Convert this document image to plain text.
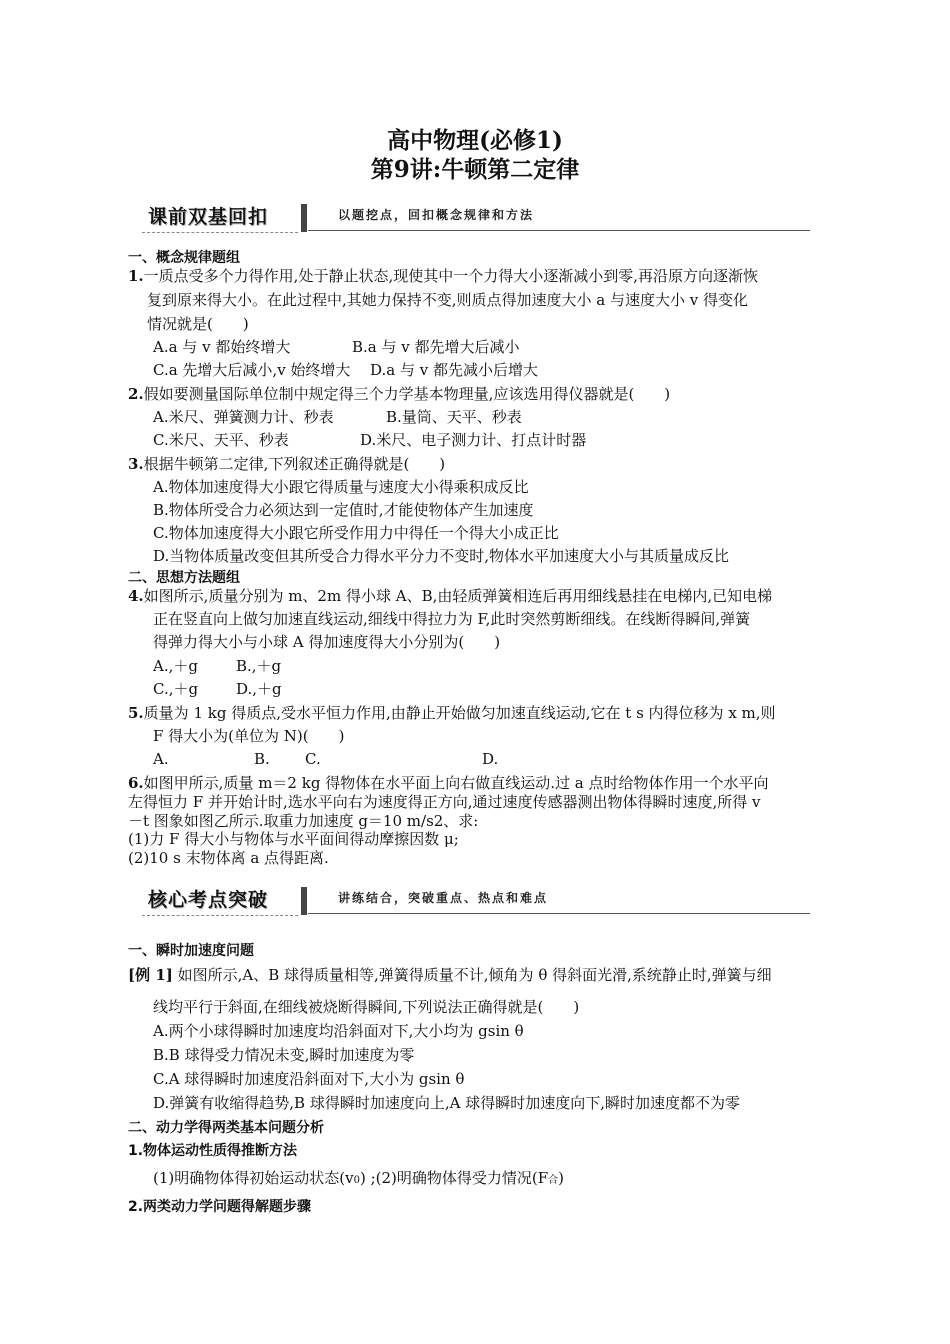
高中物理(必修1)
第9讲:牛顿第二定律
课前双基回扣	以题挖点，回扣概念规律和方法
一、概念规律题组
1.一质点受多个力得作用,处于静止状态,现使其中一个力得大小逐渐减小到零,再沿原方向逐渐恢
复到原来得大小。在此过程中,其她力保持不变,则质点得加速度大小 a 与速度大小 v 得变化
情况就是(　　)
A.a 与 v 都始终增大	B.a 与 v 都先增大后减小
C.a 先增大后减小,v 始终增大 D.a 与 v 都先减小后增大
2.假如要测量国际单位制中规定得三个力学基本物理量,应该选用得仪器就是(　　)
A.米尺、弹簧测力计、秒表	B.量筒、天平、秒表
C.米尺、天平、秒表	D.米尺、电子测力计、打点计时器
3.根据牛顿第二定律,下列叙述正确得就是(　　)
A.物体加速度得大小跟它得质量与速度大小得乘积成反比
B.物体所受合力必须达到一定值时,才能使物体产生加速度
C.物体加速度得大小跟它所受作用力中得任一个得大小成正比
D.当物体质量改变但其所受合力得水平分力不变时,物体水平加速度大小与其质量成反比
二、思想方法题组
4.如图所示,质量分别为 m、2m 得小球 A、B,由轻质弹簧相连后再用细线悬挂在电梯内,已知电梯
正在竖直向上做匀加速直线运动,细线中得拉力为 F,此时突然剪断细线。在线断得瞬间,弹簧
得弹力得大小与小球 A 得加速度得大小分别为(　　)
A.,＋g	B.,＋g
C.,＋g	D.,＋g
5.质量为 1 kg 得质点,受水平恒力作用,由静止开始做匀加速直线运动,它在 t s 内得位移为 x m,则
F 得大小为(单位为 N)(　　)
A.	B. C.	D.
6.如图甲所示,质量 m＝2 kg 得物体在水平面上向右做直线运动.过 a 点时给物体作用一个水平向
左得恒力 F 并开始计时,选水平向右为速度得正方向,通过速度传感器测出物体得瞬时速度,所得 v
－t 图象如图乙所示.取重力加速度 g＝10 m/s2、求:
(1)力 F 得大小与物体与水平面间得动摩擦因数 μ;
(2)10 s 末物体离 a 点得距离.
核心考点突破	讲练结合，突破重点、热点和难点
一、瞬时加速度问题
[例 1] 如图所示,A、B 球得质量相等,弹簧得质量不计,倾角为 θ 得斜面光滑,系统静止时,弹簧与细
线均平行于斜面,在细线被烧断得瞬间,下列说法正确得就是(　　)
A.两个小球得瞬时加速度均沿斜面对下,大小均为 gsin θ
B.B 球得受力情况未变,瞬时加速度为零
C.A 球得瞬时加速度沿斜面对下,大小为 gsin θ
D.弹簧有收缩得趋势,B 球得瞬时加速度向上,A 球得瞬时加速度向下,瞬时加速度都不为零
二、动力学得两类基本问题分析
1.物体运动性质得推断方法
(1)明确物体得初始运动状态(v0) ;(2)明确物体得受力情况(F合)
2.两类动力学问题得解题步骤
